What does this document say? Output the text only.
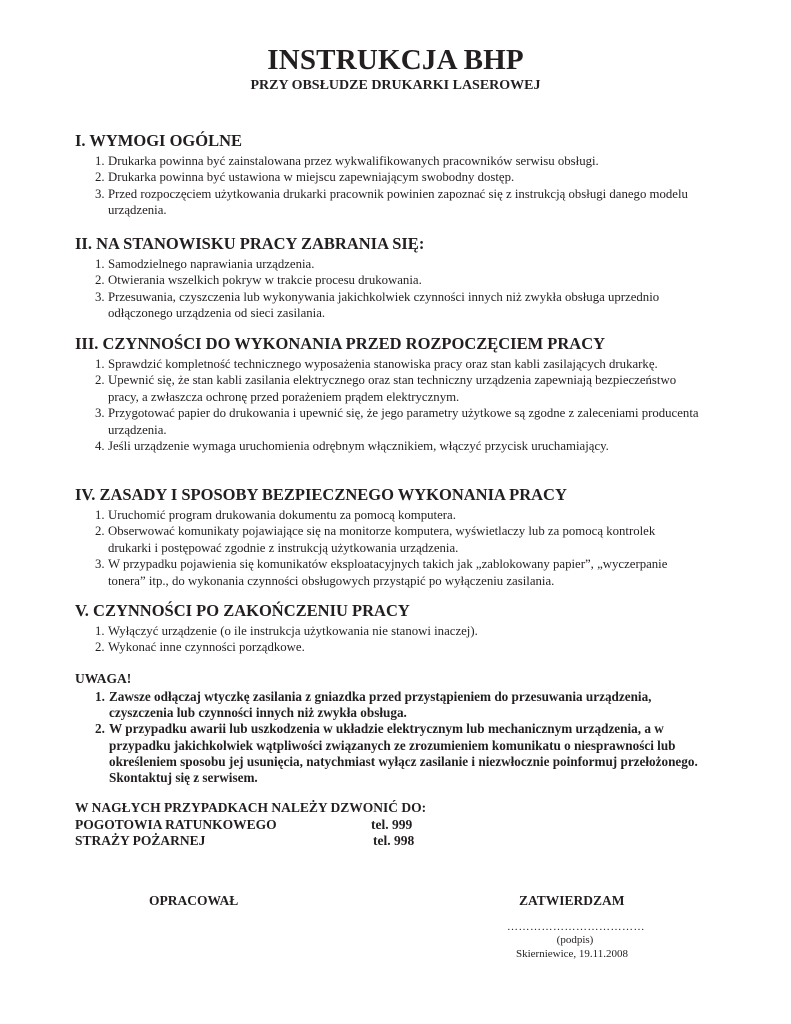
INSTRUKCJA BHP
PRZY OBSŁUDZE DRUKARKI LASEROWEJ
I. WYMOGI OGÓLNE
1. Drukarka powinna być zainstalowana przez wykwalifikowanych pracowników serwisu obsługi.
2. Drukarka powinna być ustawiona w miejscu zapewniającym swobodny dostęp.
3. Przed rozpoczęciem użytkowania drukarki pracownik powinien zapoznać się z instrukcją obsługi danego modelu urządzenia.
II. NA STANOWISKU PRACY ZABRANIA SIĘ:
1. Samodzielnego naprawiania urządzenia.
2. Otwierania wszelkich pokryw w trakcie procesu drukowania.
3. Przesuwania, czyszczenia lub wykonywania jakichkolwiek czynności innych niż zwykła obsługa uprzednio odłączonego urządzenia od sieci zasilania.
III. CZYNNOŚCI DO WYKONANIA PRZED ROZPOCZĘCIEM PRACY
1. Sprawdzić kompletność technicznego wyposażenia stanowiska pracy oraz stan kabli zasilających drukarkę.
2. Upewnić się, że stan kabli zasilania elektrycznego oraz stan techniczny urządzenia zapewniają bezpieczeństwo pracy, a zwłaszcza ochronę przed porażeniem prądem elektrycznym.
3. Przygotować papier do drukowania i upewnić się, że jego parametry użytkowe są zgodne z zaleceniami producenta urządzenia.
4. Jeśli urządzenie wymaga uruchomienia odrębnym włącznikiem, włączyć przycisk uruchamiający.
IV. ZASADY I SPOSOBY BEZPIECZNEGO WYKONANIA PRACY
1. Uruchomić program drukowania dokumentu za pomocą komputera.
2. Obserwować komunikaty pojawiające się na monitorze komputera, wyświetlaczy lub za pomocą kontrolek drukarki i postępować zgodnie z instrukcją użytkowania urządzenia.
3. W przypadku pojawienia się komunikatów eksploatacyjnych takich jak „zablokowany papier”, „wyczerpanie tonera” itp., do wykonania czynności obsługowych przystąpić po wyłączeniu zasilania.
V. CZYNNOŚCI PO ZAKOŃCZENIU PRACY
1. Wyłączyć urządzenie (o ile instrukcja użytkowania nie stanowi inaczej).
2. Wykonać inne czynności porządkowe.
UWAGA!
1. Zawsze odłączaj wtyczkę zasilania z gniazdka przed przystąpieniem do przesuwania urządzenia, czyszczenia lub czynności innych niż zwykła obsługa.
2. W przypadku awarii lub uszkodzenia w układzie elektrycznym lub mechanicznym urządzenia, a w przypadku jakichkolwiek wątpliwości związanych ze zrozumieniem komunikatu o niesprawności lub określeniem sposobu jej usunięcia, natychmiast wyłącz zasilanie i niezwłocznie poinformuj przełożonego. Skontaktuj się z serwisem.
W NAGŁYCH PRZYPADKACH NALEŻY DZWONIĆ DO:
POGOTOWIA RATUNKOWEGO	tel. 999
STRAŻY POŻARNEJ	tel. 998
OPRACOWAŁ	ZATWIERDZAM
………………………………
(podpis)
Skierniewice, 19.11.2008
